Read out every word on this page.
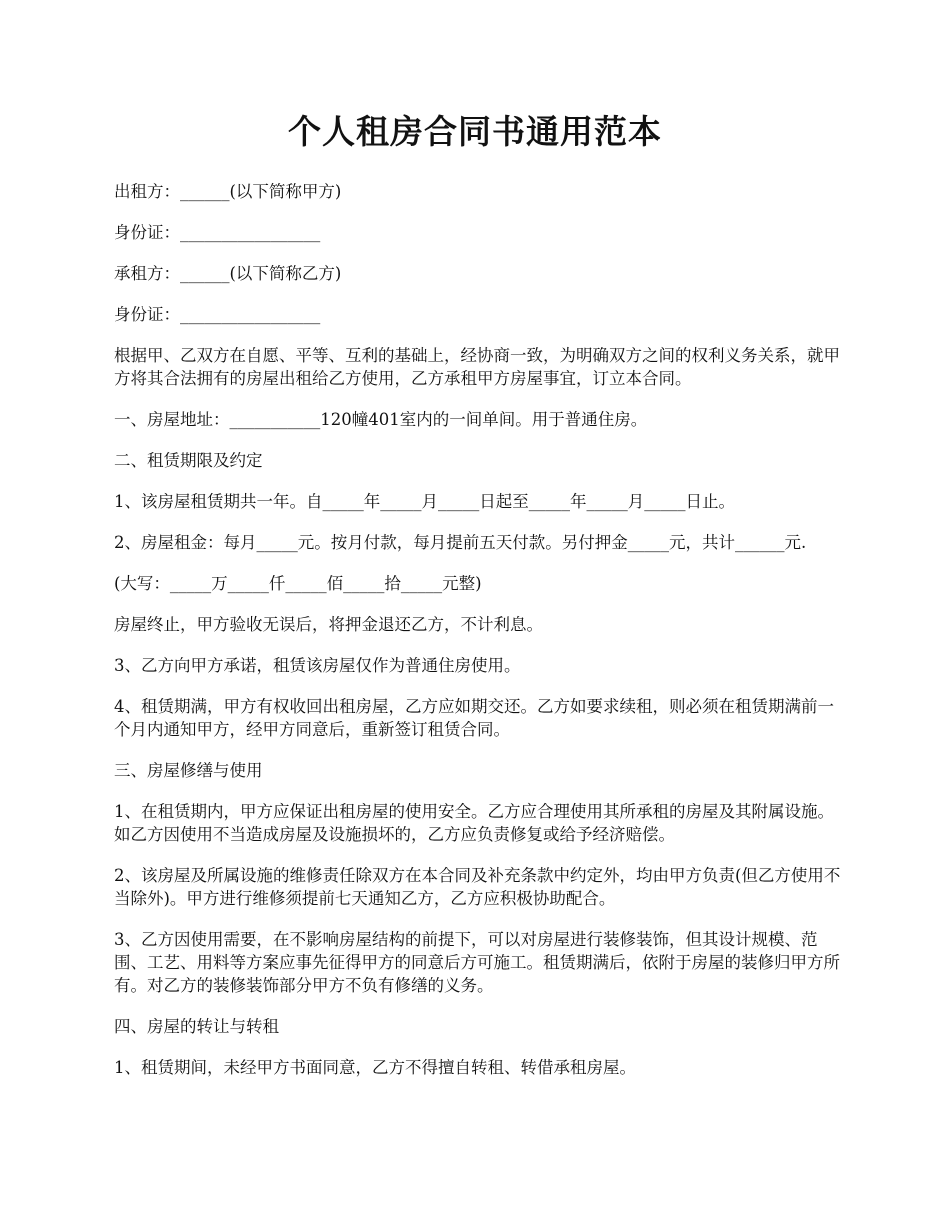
个人租房合同书通用范本

出租方：______(以下简称甲方)

身份证：_________________

承租方：______(以下简称乙方)

身份证：_________________

根据甲、乙双方在自愿、平等、互利的基础上，经协商一致，为明确双方之间的权利义务关系，就甲方将其合法拥有的房屋出租给乙方使用，乙方承租甲方房屋事宜，订立本合同。

一、房屋地址：___________120幢401室内的一间单间。用于普通住房。

二、租赁期限及约定

1、该房屋租赁期共一年。自_____年_____月_____日起至_____年_____月_____日止。

2、房屋租金：每月_____元。按月付款，每月提前五天付款。另付押金_____元，共计______元.

(大写：_____万_____仟_____佰_____拾_____元整)

房屋终止，甲方验收无误后，将押金退还乙方，不计利息。

3、乙方向甲方承诺，租赁该房屋仅作为普通住房使用。

4、租赁期满，甲方有权收回出租房屋，乙方应如期交还。乙方如要求续租，则必须在租赁期满前一个月内通知甲方，经甲方同意后，重新签订租赁合同。

三、房屋修缮与使用

1、在租赁期内，甲方应保证出租房屋的使用安全。乙方应合理使用其所承租的房屋及其附属设施。如乙方因使用不当造成房屋及设施损坏的，乙方应负责修复或给予经济赔偿。

2、该房屋及所属设施的维修责任除双方在本合同及补充条款中约定外，均由甲方负责(但乙方使用不当除外)。甲方进行维修须提前七天通知乙方，乙方应积极协助配合。

3、乙方因使用需要，在不影响房屋结构的前提下，可以对房屋进行装修装饰，但其设计规模、范围、工艺、用料等方案应事先征得甲方的同意后方可施工。租赁期满后，依附于房屋的装修归甲方所有。对乙方的装修装饰部分甲方不负有修缮的义务。

四、房屋的转让与转租

1、租赁期间，未经甲方书面同意，乙方不得擅自转租、转借承租房屋。
